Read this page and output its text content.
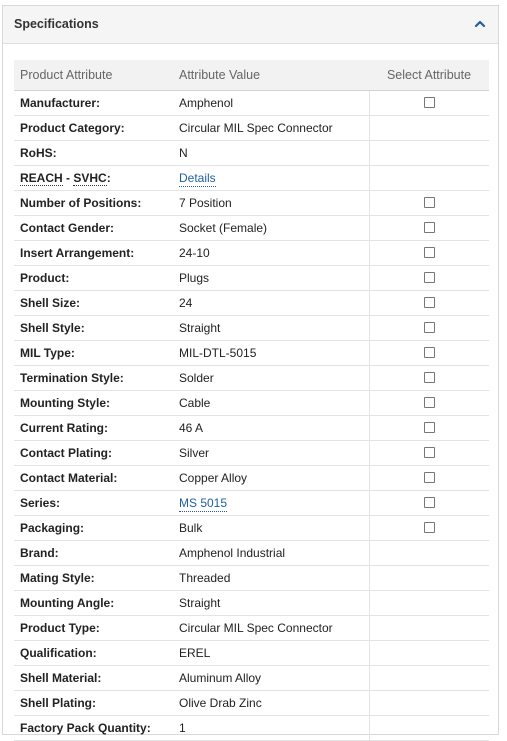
Specifications
Product Attribute	Attribute Value	Select Attribute
Manufacturer:	Amphenol	
Product Category:	Circular MIL Spec Connector	
RoHS:	N	
REACH - SVHC:	Details	
Number of Positions:	7 Position	
Contact Gender:	Socket (Female)	
Insert Arrangement:	24-10	
Product:	Plugs	
Shell Size:	24	
Shell Style:	Straight	
MIL Type:	MIL-DTL-5015	
Termination Style:	Solder	
Mounting Style:	Cable	
Current Rating:	46 A	
Contact Plating:	Silver	
Contact Material:	Copper Alloy	
Series:	MS 5015	
Packaging:	Bulk	
Brand:	Amphenol Industrial	
Mating Style:	Threaded	
Mounting Angle:	Straight	
Product Type:	Circular MIL Spec Connector	
Qualification:	EREL	
Shell Material:	Aluminum Alloy	
Shell Plating:	Olive Drab Zinc	
Factory Pack Quantity:	1	
